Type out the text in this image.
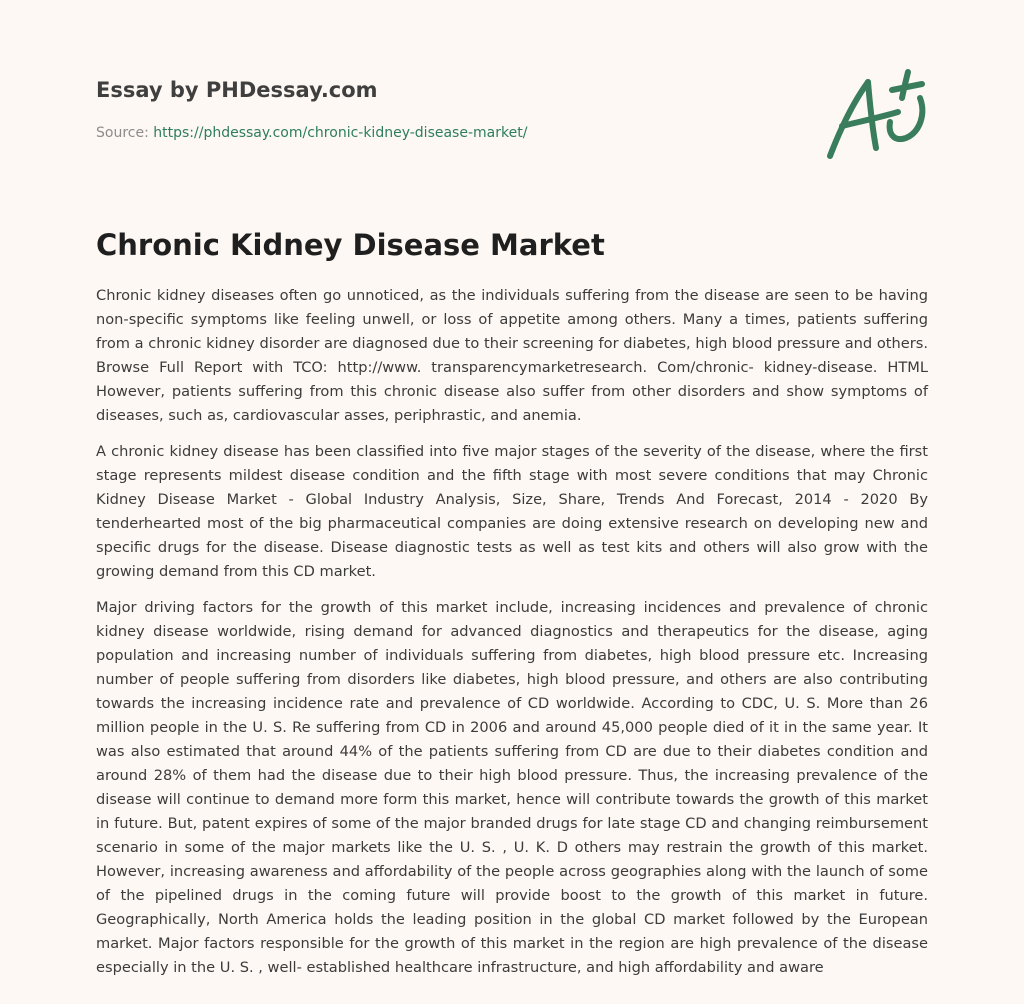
Essay by PHDessay.com
Source: https://phdessay.com/chronic-kidney-disease-market/
Chronic Kidney Disease Market

Chronic kidney diseases often go unnoticed, as the individuals suffering from the disease are seen to be having non-specific symptoms like feeling unwell, or loss of appetite among others. Many a times, patients suffering from a chronic kidney disorder are diagnosed due to their screening for diabetes, high blood pressure and others. Browse Full Report with TCO: http://www. transparencymarketresearch. Com/chronic- kidney-disease. HTML However, patients suffering from this chronic disease also suffer from other disorders and show symptoms of diseases, such as, cardiovascular asses, periphrastic, and anemia.

A chronic kidney disease has been classified into five major stages of the severity of the disease, where the first stage represents mildest disease condition and the fifth stage with most severe conditions that may Chronic Kidney Disease Market - Global Industry Analysis, Size, Share, Trends And Forecast, 2014 - 2020 By tenderhearted most of the big pharmaceutical companies are doing extensive research on developing new and specific drugs for the disease. Disease diagnostic tests as well as test kits and others will also grow with the growing demand from this CD market.

Major driving factors for the growth of this market include, increasing incidences and prevalence of chronic kidney disease worldwide, rising demand for advanced diagnostics and therapeutics for the disease, aging population and increasing number of individuals suffering from diabetes, high blood pressure etc. Increasing number of people suffering from disorders like diabetes, high blood pressure, and others are also contributing towards the increasing incidence rate and prevalence of CD worldwide. According to CDC, U. S. More than 26 million people in the U. S. Re suffering from CD in 2006 and around 45,000 people died of it in the same year. It was also estimated that around 44% of the patients suffering from CD are due to their diabetes condition and around 28% of them had the disease due to their high blood pressure. Thus, the increasing prevalence of the disease will continue to demand more form this market, hence will contribute towards the growth of this market in future. But, patent expires of some of the major branded drugs for late stage CD and changing reimbursement scenario in some of the major markets like the U. S. , U. K. D others may restrain the growth of this market. However, increasing awareness and affordability of the people across geographies along with the launch of some of the pipelined drugs in the coming future will provide boost to the growth of this market in future. Geographically, North America holds the leading position in the global CD market followed by the European market. Major factors responsible for the growth of this market in the region are high prevalence of the disease especially in the U. S. , well- established healthcare infrastructure, and high affordability and aware
